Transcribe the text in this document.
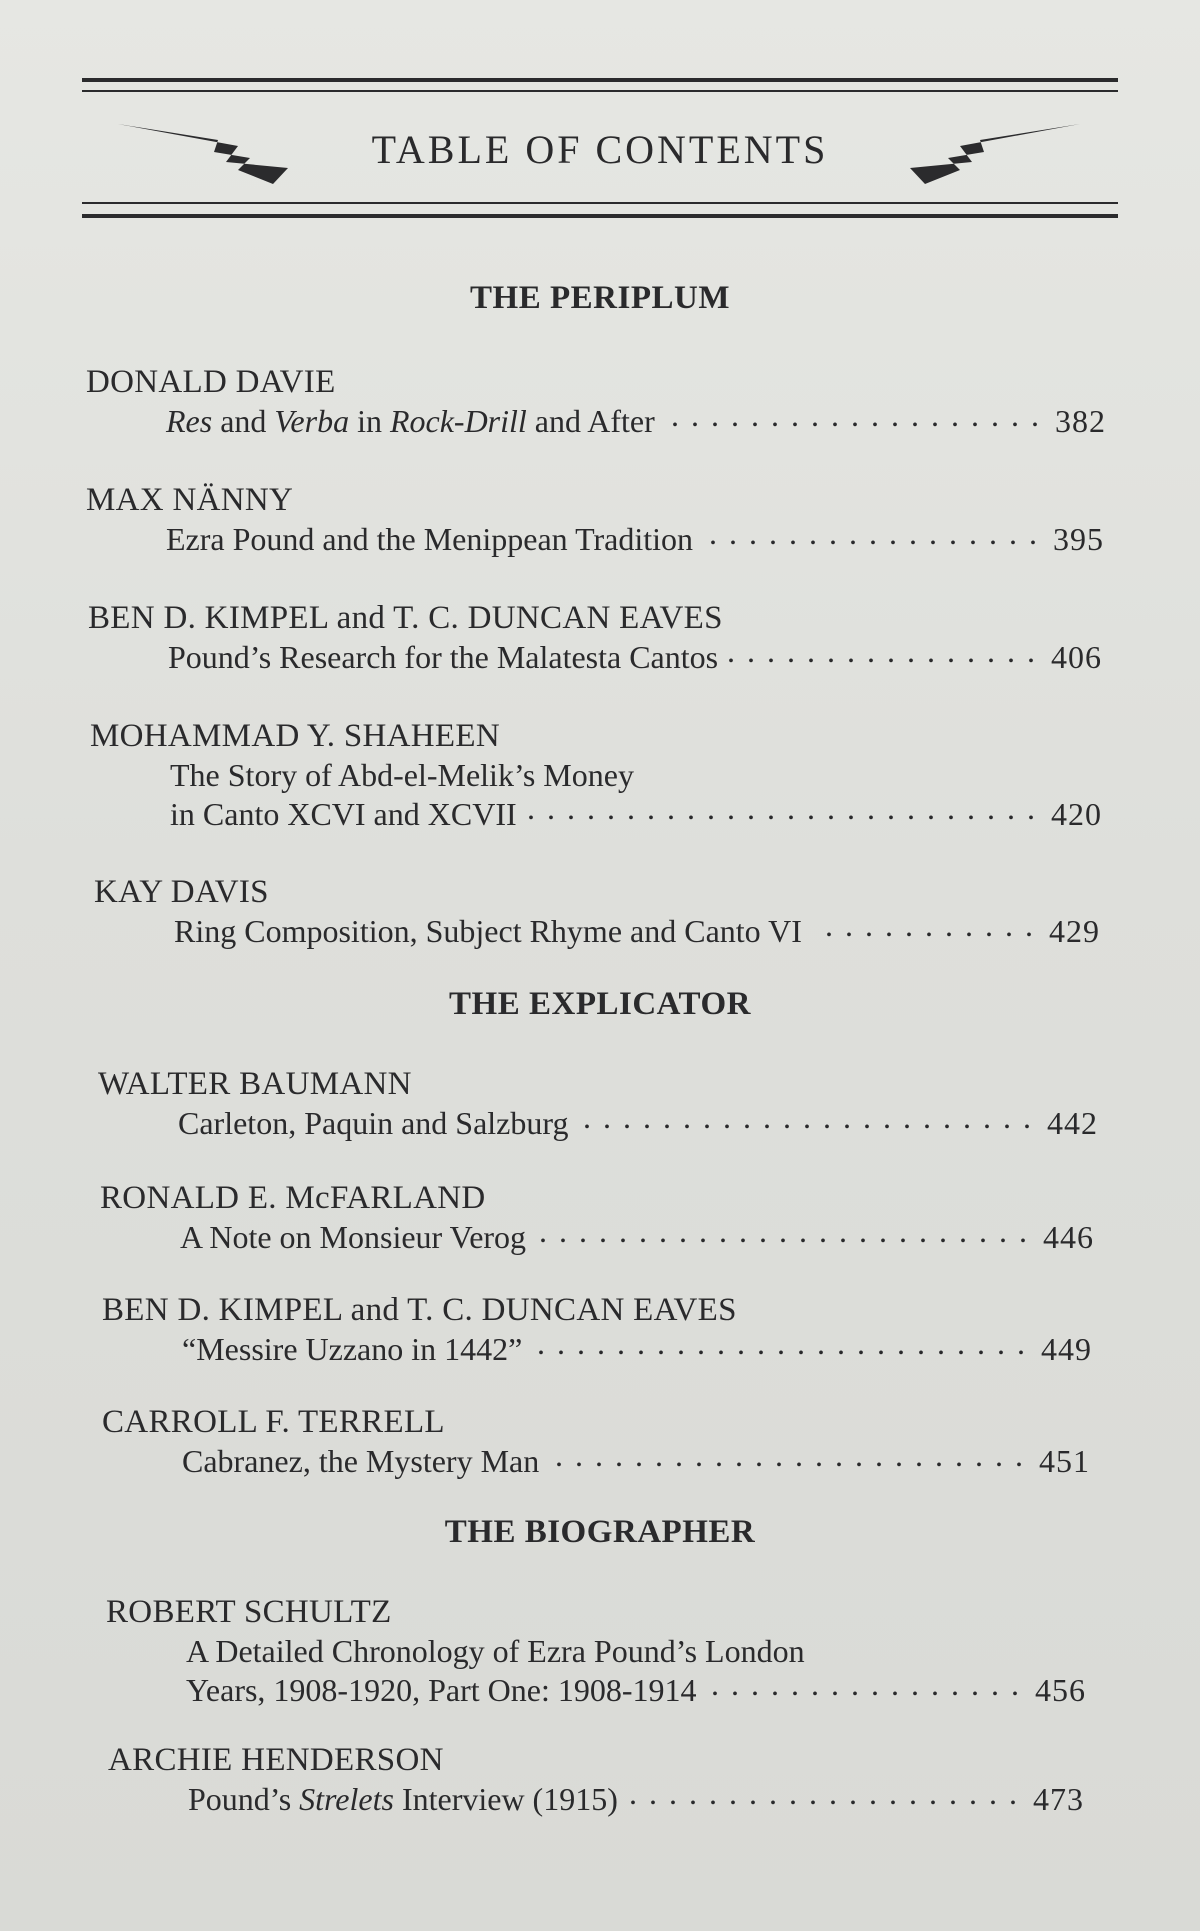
TABLE OF CONTENTS
THE PERIPLUM
DONALD DAVIE
Res and Verba in Rock-Drill and After . . .	382
MAX NÄNNY
Ezra Pound and the Menippean Tradition . . .	395
BEN D. KIMPEL and T. C. DUNCAN EAVES
Pound’s Research for the Malatesta Cantos . . .	406
MOHAMMAD Y. SHAHEEN
The Story of Abd-el-Melik’s Money
in Canto XCVI and XCVII . . .	420
KAY DAVIS
Ring Composition, Subject Rhyme and Canto VI . . .	429
THE EXPLICATOR
WALTER BAUMANN
Carleton, Paquin and Salzburg . . .	442
RONALD E. McFARLAND
A Note on Monsieur Verog . . .	446
BEN D. KIMPEL and T. C. DUNCAN EAVES
“Messire Uzzano in 1442” . . .	449
CARROLL F. TERRELL
Cabranez, the Mystery Man . . .	451
THE BIOGRAPHER
ROBERT SCHULTZ
A Detailed Chronology of Ezra Pound’s London
Years, 1908-1920, Part One: 1908-1914 . . .	456
ARCHIE HENDERSON
Pound’s Strelets Interview (1915) . . .	473
